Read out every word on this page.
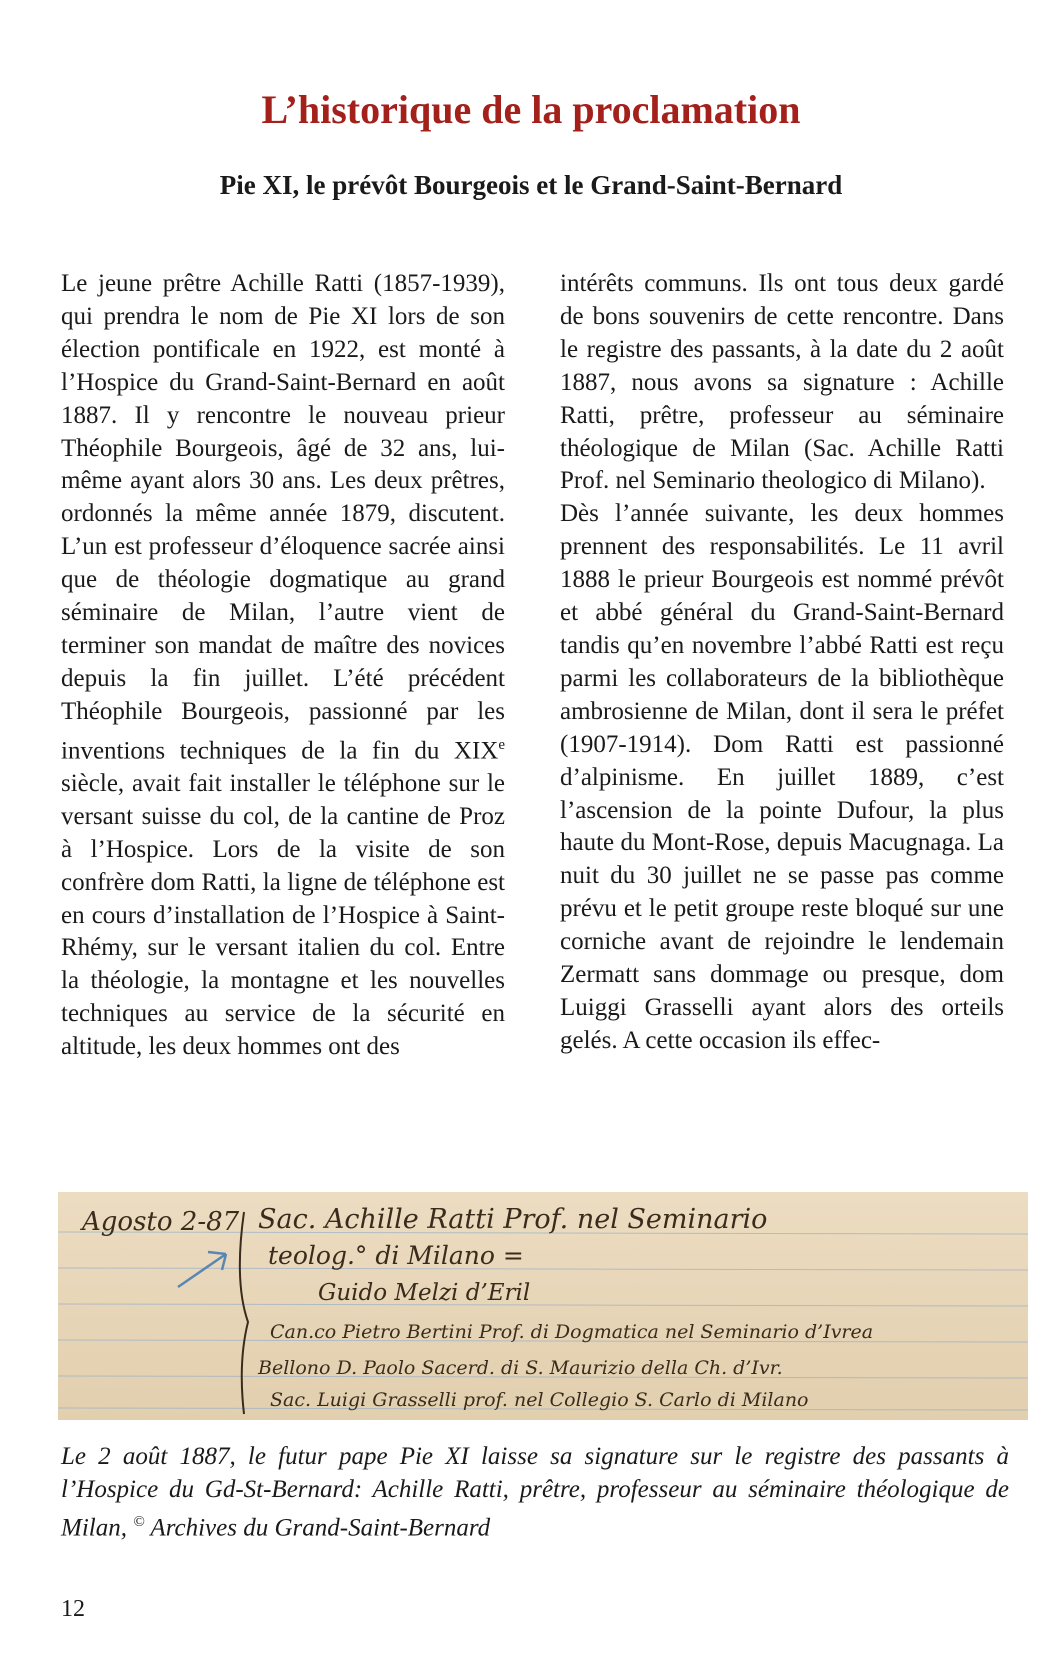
L’historique de la proclamation
Pie XI, le prévôt Bourgeois et le Grand-Saint-Bernard

Le jeune prêtre Achille Ratti (1857-1939), qui prendra le nom de Pie XI lors de son élection pontificale en 1922, est monté à l’Hospice du Grand-Saint-Bernard en août 1887. Il y rencontre le nouveau prieur Théophile Bourgeois, âgé de 32 ans, lui-même ayant alors 30 ans. Les deux prêtres, ordonnés la même année 1879, discutent. L’un est professeur d’éloquence sacrée ainsi que de théologie dogmatique au grand séminaire de Milan, l’autre vient de terminer son mandat de maître des novices depuis la fin juillet. L’été précédent Théophile Bourgeois, passionné par les inventions techniques de la fin du XIXe siècle, avait fait installer le téléphone sur le versant suisse du col, de la cantine de Proz à l’Hospice. Lors de la visite de son confrère dom Ratti, la ligne de téléphone est en cours d’installation de l’Hospice à Saint-Rhémy, sur le versant italien du col. Entre la théologie, la montagne et les nouvelles techniques au service de la sécurité en altitude, les deux hommes ont des

intérêts communs. Ils ont tous deux gardé de bons souvenirs de cette rencontre. Dans le registre des passants, à la date du 2 août 1887, nous avons sa signature : Achille Ratti, prêtre, professeur au séminaire théologique de Milan (Sac. Achille Ratti Prof. nel Seminario theologico di Milano).

Dès l’année suivante, les deux hommes prennent des responsabilités. Le 11 avril 1888 le prieur Bourgeois est nommé prévôt et abbé général du Grand-Saint-Bernard tandis qu’en novembre l’abbé Ratti est reçu parmi les collaborateurs de la bibliothèque ambrosienne de Milan, dont il sera le préfet (1907-1914). Dom Ratti est passionné d’alpinisme. En juillet 1889, c’est l’ascension de la pointe Dufour, la plus haute du Mont-Rose, depuis Macugnaga. La nuit du 30 juillet ne se passe pas comme prévu et le petit groupe reste bloqué sur une corniche avant de rejoindre le lendemain Zermatt sans dommage ou presque, dom Luiggi Grasselli ayant alors des orteils gelés. A cette occasion ils effec-

Agosto 2-87 Sac. Achille Ratti Prof. nel Seminario
teolog.° di Milano =
Guido Melzi d’Eril
Can.co Pietro Bertini Prof. di Dogmatica nel Seminario d’Ivrea
Bellono D. Paolo Sacerd. di S. Maurizio della Ch. d’Ivr.
Sac. Luigi Grasselli prof. nel Collegio S. Carlo di Milano

Le 2 août 1887, le futur pape Pie XI laisse sa signature sur le registre des passants à l’Hospice du Gd-St-Bernard: Achille Ratti, prêtre, professeur au séminaire théologique de Milan, © Archives du Grand-Saint-Bernard

12
